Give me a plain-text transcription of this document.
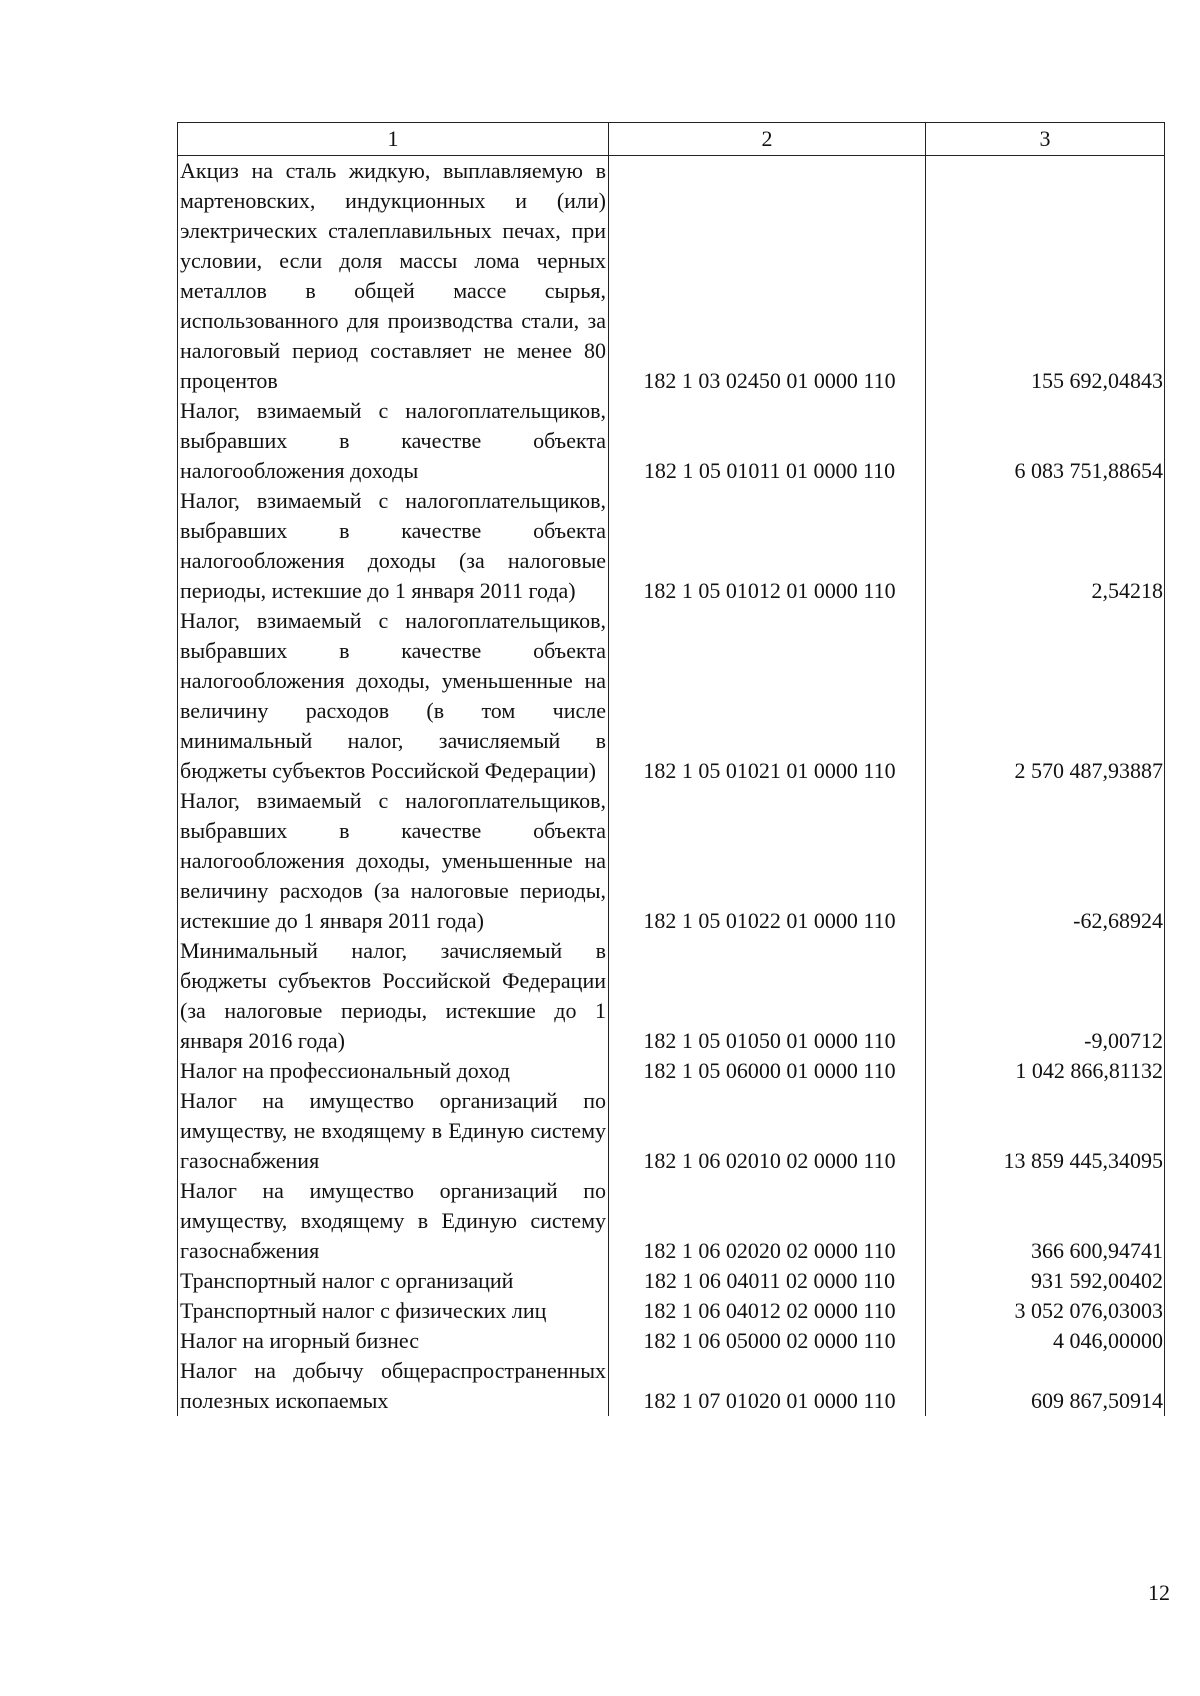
1	2	3
Акциз на сталь жидкую, выплавляемую в мартеновских, индукционных и (или) электрических сталеплавильных печах, при условии, если доля массы лома черных металлов в общей массе сырья, использованного для производства стали, за налоговый период составляет не менее 80 процентов	182 1 03 02450 01 0000 110	155 692,04843
Налог, взимаемый с налогоплательщиков, выбравших в качестве объекта налогообложения доходы	182 1 05 01011 01 0000 110	6 083 751,88654
Налог, взимаемый с налогоплательщиков, выбравших в качестве объекта налогообложения доходы (за налоговые периоды, истекшие до 1 января 2011 года)	182 1 05 01012 01 0000 110	2,54218
Налог, взимаемый с налогоплательщиков, выбравших в качестве объекта налогообложения доходы, уменьшенные на величину расходов (в том числе минимальный налог, зачисляемый в бюджеты субъектов Российской Федерации)	182 1 05 01021 01 0000 110	2 570 487,93887
Налог, взимаемый с налогоплательщиков, выбравших в качестве объекта налогообложения доходы, уменьшенные на величину расходов (за налоговые периоды, истекшие до 1 января 2011 года)	182 1 05 01022 01 0000 110	-62,68924
Минимальный налог, зачисляемый в бюджеты субъектов Российской Федерации (за налоговые периоды, истекшие до 1 января 2016 года)	182 1 05 01050 01 0000 110	-9,00712
Налог на профессиональный доход	182 1 05 06000 01 0000 110	1 042 866,81132
Налог на имущество организаций по имуществу, не входящему в Единую систему газоснабжения	182 1 06 02010 02 0000 110	13 859 445,34095
Налог на имущество организаций по имуществу, входящему в Единую систему газоснабжения	182 1 06 02020 02 0000 110	366 600,94741
Транспортный налог с организаций	182 1 06 04011 02 0000 110	931 592,00402
Транспортный налог с физических лиц	182 1 06 04012 02 0000 110	3 052 076,03003
Налог на игорный бизнес	182 1 06 05000 02 0000 110	4 046,00000
Налог на добычу общераспространенных полезных ископаемых	182 1 07 01020 01 0000 110	609 867,50914
12
